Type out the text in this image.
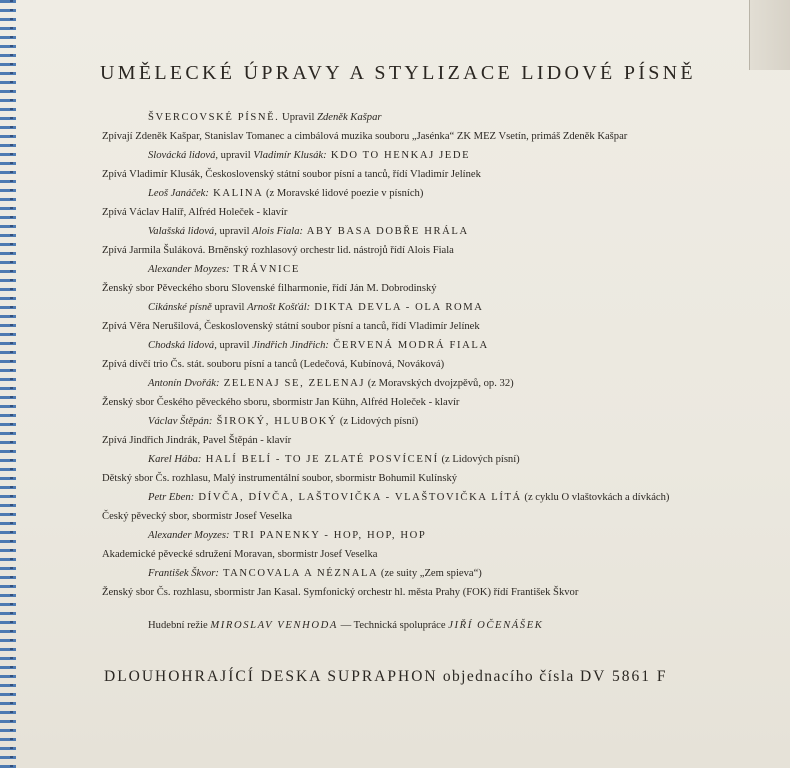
UMĚLECKÉ ÚPRAVY A STYLIZACE LIDOVÉ PÍSNĚ
ŠVERCOVSKÉ PÍSNĚ. Upravil Zdeněk Kašpar
Zpívají Zdeněk Kašpar, Stanislav Tomanec a cimbálová muzika souboru „Jasénka“ ZK MEZ Vsetín, primáš Zdeněk Kašpar
Slovácká lidová, upravil Vladimír Klusák: KDO TO HENKAJ JEDE
Zpívá Vladimír Klusák, Československý státní soubor písní a tanců, řídí Vladimír Jelínek
Leoš Janáček: KALINA (z Moravské lidové poezie v písních)
Zpívá Václav Halíř, Alfréd Holeček - klavír
Valašská lidová, upravil Alois Fiala: ABY BASA DOBŘE HRÁLA
Zpívá Jarmila Šuláková. Brněnský rozhlasový orchestr lid. nástrojů řídí Alois Fiala
Alexander Moyzes: TRÁVNICE
Ženský sbor Pěveckého sboru Slovenské filharmonie, řídí Ján M. Dobrodinský
Cikánské písně upravil Arnošt Košťál: DIKTA DEVLA - OLA ROMA
Zpívá Věra Nerušilová, Československý státní soubor písní a tanců, řídí Vladimír Jelínek
Chodská lidová, upravil Jindřich Jindřich: ČERVENÁ MODRÁ FIALA
Zpívá dívčí trio Čs. stát. souboru písní a tanců (Ledečová, Kubínová, Nováková)
Antonín Dvořák: ZELENAJ SE, ZELENAJ (z Moravských dvojzpěvů, op. 32)
Ženský sbor Českého pěveckého sboru, sbormistr Jan Kühn, Alfréd Holeček - klavír
Václav Štěpán: ŠIROKÝ, HLUBOKÝ (z Lidových písní)
Zpívá Jindřich Jindrák, Pavel Štěpán - klavír
Karel Hába: HALÍ BELÍ - TO JE ZLATÉ POSVÍCENÍ (z Lidových písní)
Dětský sbor Čs. rozhlasu, Malý instrumentální soubor, sbormistr Bohumil Kulínský
Petr Eben: DÍVČA, DÍVČA, LAŠTOVIČKA - VLAŠTOVIČKA LÍTÁ (z cyklu O vlaštovkách a dívkách)
Český pěvecký sbor, sbormistr Josef Veselka
Alexander Moyzes: TRI PANENKY - HOP, HOP, HOP
Akademické pěvecké sdružení Moravan, sbormistr Josef Veselka
František Škvor: TANCOVALA A NÉZNALA (ze suity „Zem spieva“)
Ženský sbor Čs. rozhlasu, sbormistr Jan Kasal. Symfonický orchestr hl. města Prahy (FOK) řídí František Škvor
Hudební režie MIROSLAV VENHODA — Technická spolupráce JIŘÍ OČENÁŠEK
DLOUHOHRAJÍCÍ DESKA SUPRAPHON objednacího čísla DV 5861 F
